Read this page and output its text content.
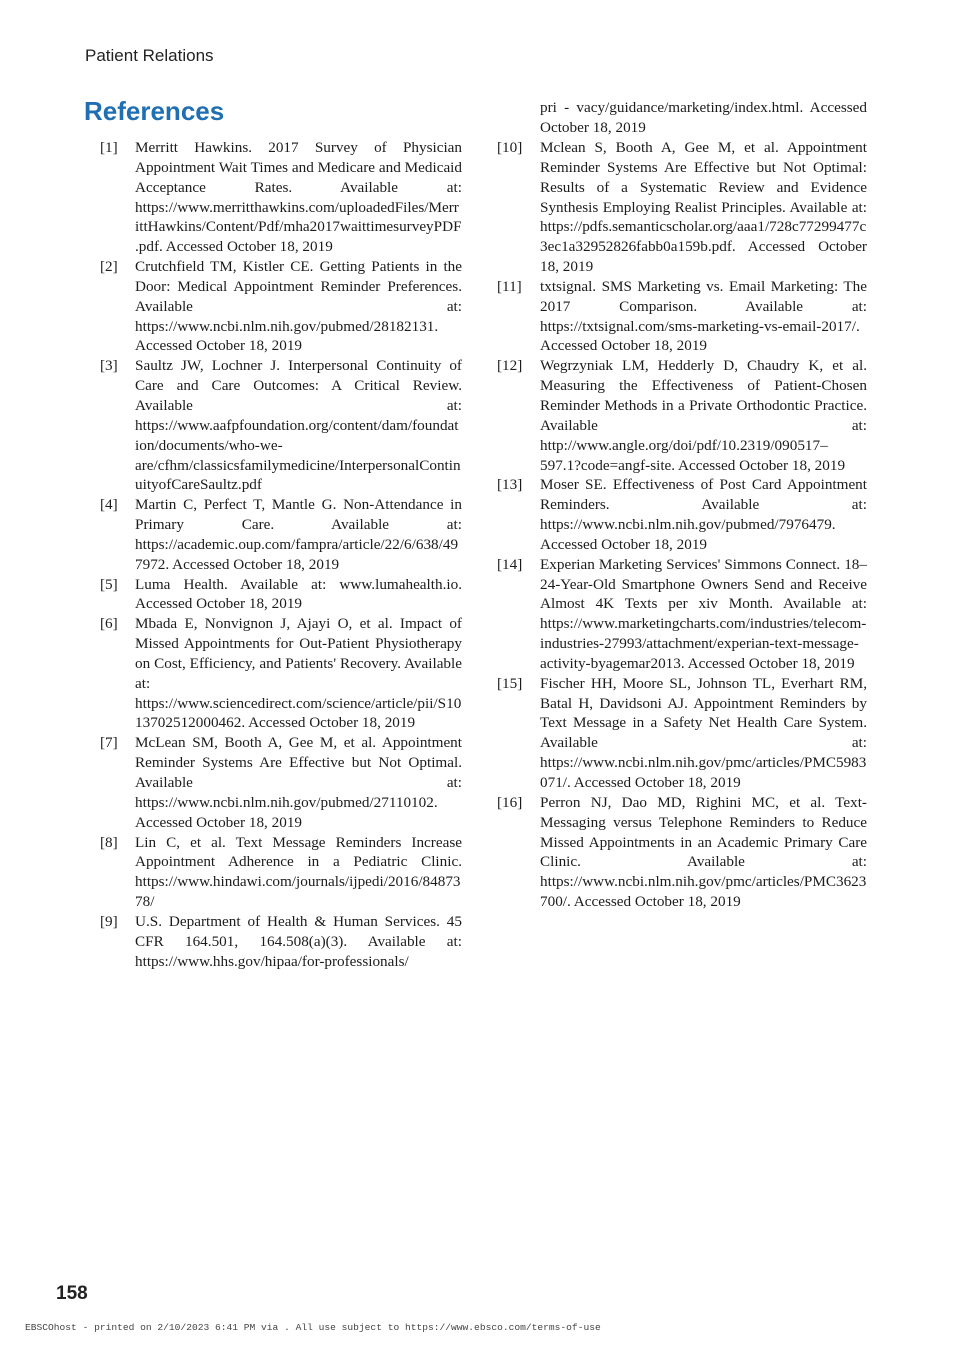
Patient Relations
References	pri - vacy/guidance/marketing/index.html. Accessed October 18, 2019
[1]	Merritt Hawkins. 2017 Survey of Physician Appointment Wait Times and Medicare and Medicaid Acceptance Rates. Available at: https://www.merritthawkins.com/uploadedFiles/MerrittHawkins/Content/Pdf/mha2017waittimesurveyPDF.pdf. Accessed October 18, 2019
[2]	Crutchfield TM, Kistler CE. Getting Patients in the Door: Medical Appointment Reminder Preferences. Available at: https://www.ncbi.nlm.nih.gov/pubmed/28182131. Accessed October 18, 2019
[3]	Saultz JW, Lochner J. Interpersonal Continuity of Care and Care Outcomes: A Critical Review. Available at: https://www.aafpfoundation.org/content/dam/foundation/documents/who-we-are/cfhm/classicsfamilymedicine/InterpersonalContinuityofCareSaultz.pdf
[4]	Martin C, Perfect T, Mantle G. Non-Attendance in Primary Care. Available at: https://academic.oup.com/fampra/article/22/6/638/497972. Accessed October 18, 2019
[5]	Luma Health. Available at: www.lumahealth.io. Accessed October 18, 2019
[6]	Mbada E, Nonvignon J, Ajayi O, et al. Impact of Missed Appointments for Out-Patient Physiotherapy on Cost, Efficiency, and Patients' Recovery. Available at: https://www.sciencedirect.com/science/article/pii/S1013702512000462. Accessed October 18, 2019
[7]	McLean SM, Booth A, Gee M, et al. Appointment Reminder Systems Are Effective but Not Optimal. Available at: https://www.ncbi.nlm.nih.gov/pubmed/27110102. Accessed October 18, 2019
[8]	Lin C, et al. Text Message Reminders Increase Appointment Adherence in a Pediatric Clinic. https://www.hindawi.com/journals/ijpedi/2016/8487378/
[9]	U.S. Department of Health & Human Services. 45 CFR 164.501, 164.508(a)(3). Available at: https://www.hhs.gov/hipaa/for-professionals/
[10]	Mclean S, Booth A, Gee M, et al. Appointment Reminder Systems Are Effective but Not Optimal: Results of a Systematic Review and Evidence Synthesis Employing Realist Principles. Available at: https://pdfs.semanticscholar.org/aaa1/728c77299477c3ec1a32952826fabb0a159b.pdf. Accessed October 18, 2019
[11]	txtsignal. SMS Marketing vs. Email Marketing: The 2017 Comparison. Available at: https://txtsignal.com/sms-marketing-vs-email-2017/. Accessed October 18, 2019
[12]	Wegrzyniak LM, Hedderly D, Chaudry K, et al. Measuring the Effectiveness of Patient-Chosen Reminder Methods in a Private Orthodontic Practice. Available at: http://www.angle.org/doi/pdf/10.2319/090517–597.1?code=angf-site. Accessed October 18, 2019
[13]	Moser SE. Effectiveness of Post Card Appointment Reminders. Available at: https://www.ncbi.nlm.nih.gov/pubmed/7976479. Accessed October 18, 2019
[14]	Experian Marketing Services' Simmons Connect. 18–24-Year-Old Smartphone Owners Send and Receive Almost 4K Texts per xiv Month. Available at: https://www.marketingcharts.com/industries/telecom-industries-27993/attachment/experian-text-message-activity-byagemar2013. Accessed October 18, 2019
[15]	Fischer HH, Moore SL, Johnson TL, Everhart RM, Batal H, Davidsoni AJ. Appointment Reminders by Text Message in a Safety Net Health Care System. Available at: https://www.ncbi.nlm.nih.gov/pmc/articles/PMC5983071/. Accessed October 18, 2019
[16]	Perron NJ, Dao MD, Righini MC, et al. Text-Messaging versus Telephone Reminders to Reduce Missed Appointments in an Academic Primary Care Clinic. Available at: https://www.ncbi.nlm.nih.gov/pmc/articles/PMC3623700/. Accessed October 18, 2019
158
EBSCOhost - printed on 2/10/2023 6:41 PM via . All use subject to https://www.ebsco.com/terms-of-use
